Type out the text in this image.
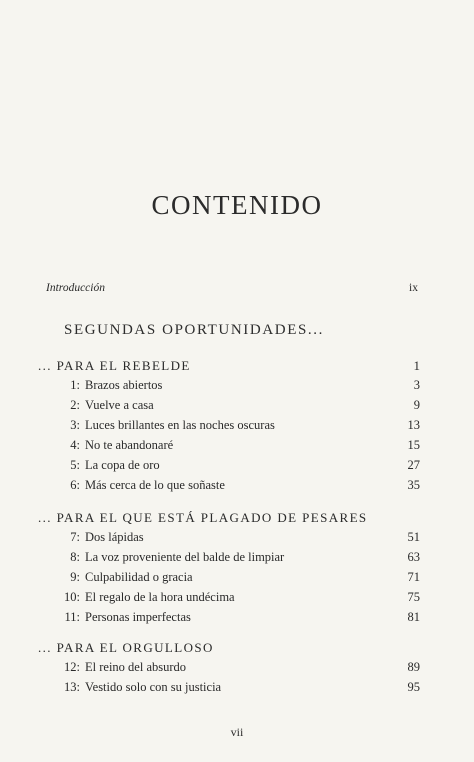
CONTENIDO
Introducción	ix
SEGUNDAS OPORTUNIDADES...
... PARA EL REBELDE	1
1: Brazos abiertos	3
2: Vuelve a casa	9
3: Luces brillantes en las noches oscuras	13
4: No te abandonaré	15
5: La copa de oro	27
6: Más cerca de lo que soñaste	35
... PARA EL QUE ESTÁ PLAGADO DE PESARES
7: Dos lápidas	51
8: La voz proveniente del balde de limpiar	63
9: Culpabilidad o gracia	71
10: El regalo de la hora undécima	75
11: Personas imperfectas	81
... PARA EL ORGULLOSO
12: El reino del absurdo	89
13: Vestido solo con su justicia	95
vii
